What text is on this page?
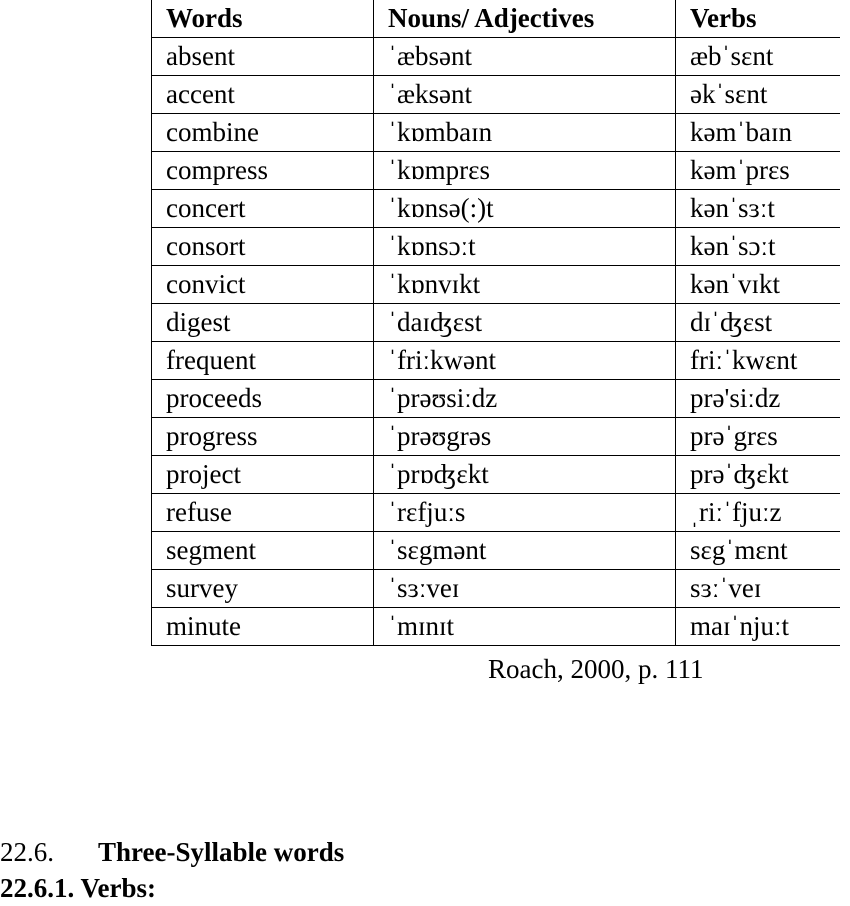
Words	Nouns/ Adjectives	Verbs
absent	ˈæbsənt	æbˈsɛnt
accent	ˈæksənt	əkˈsɛnt
combine	ˈkɒmbaɪn	kəmˈbaɪn
compress	ˈkɒmprɛs	kəmˈprɛs
concert	ˈkɒnsə(:)t	kənˈsɜːt
consort	ˈkɒnsɔːt	kənˈsɔːt
convict	ˈkɒnvɪkt	kənˈvɪkt
digest	ˈdaɪʤɛst	dɪˈʤɛst
frequent	ˈfriːkwənt	friːˈkwɛnt
proceeds	ˈprəʊsiːdz	prə'siːdz
progress	ˈprəʊgrəs	prəˈgrɛs
project	ˈprɒʤɛkt	prəˈʤɛkt
refuse	ˈrɛfjuːs	ˌriːˈfjuːz
segment	ˈsɛgmənt	sɛgˈmɛnt
survey	ˈsɜːveɪ	sɜːˈveɪ
minute	ˈmɪnɪt	maɪˈnjuːt
Roach, 2000, p. 111
22.6. Three-Syllable words
22.6.1. Verbs:
